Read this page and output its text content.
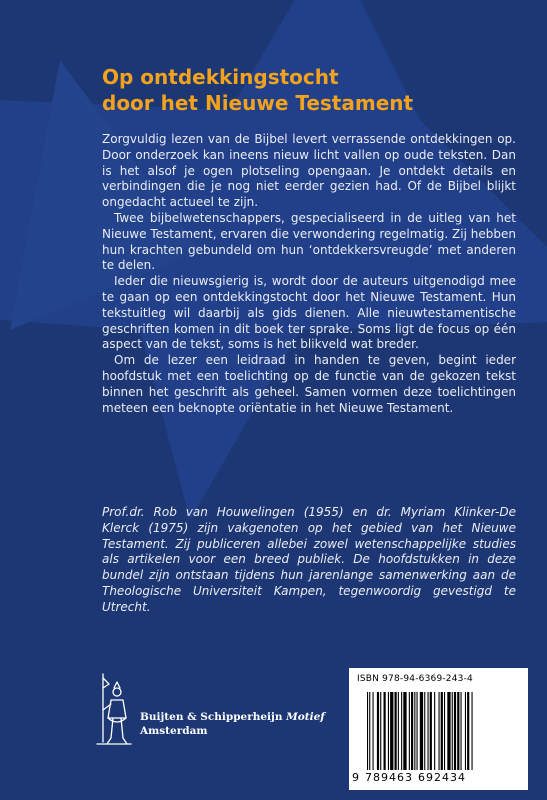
Op ontdekkingstocht
door het Nieuwe Testament

Zorgvuldig lezen van de Bijbel levert verrassende ontdekkingen op. Door onderzoek kan ineens nieuw licht vallen op oude teksten. Dan is het alsof je ogen plotseling opengaan. Je ontdekt details en verbindingen die je nog niet eerder gezien had. Of de Bijbel blijkt ongedacht actueel te zijn.

Twee bijbelwetenschappers, gespecialiseerd in de uitleg van het Nieuwe Testament, ervaren die verwondering regelmatig. Zij hebben hun krachten gebundeld om hun ‘ontdekkersvreugde’ met anderen te delen.

Ieder die nieuwsgierig is, wordt door de auteurs uitgenodigd mee te gaan op een ontdekkingstocht door het Nieuwe Testament. Hun tekstuitleg wil daarbij als gids dienen. Alle nieuwtestamentische geschriften komen in dit boek ter sprake. Soms ligt de focus op één aspect van de tekst, soms is het blikveld wat breder.

Om de lezer een leidraad in handen te geven, begint ieder hoofdstuk met een toelichting op de functie van de gekozen tekst binnen het geschrift als geheel. Samen vormen deze toelichtingen meteen een beknopte oriëntatie in het Nieuwe Testament.

Prof.dr. Rob van Houwelingen (1955) en dr. Myriam Klinker-De Klerck (1975) zijn vakgenoten op het gebied van het Nieuwe Testament. Zij publiceren allebei zowel wetenschappelijke studies als artikelen voor een breed publiek. De hoofdstukken in deze bundel zijn ontstaan tijdens hun jarenlange samenwerking aan de Theologische Universiteit Kampen, tegenwoordig gevestigd te Utrecht.

Buijten & Schipperheijn Motief
Amsterdam
ISBN 978-94-6369-243-4
9 789463 692434
